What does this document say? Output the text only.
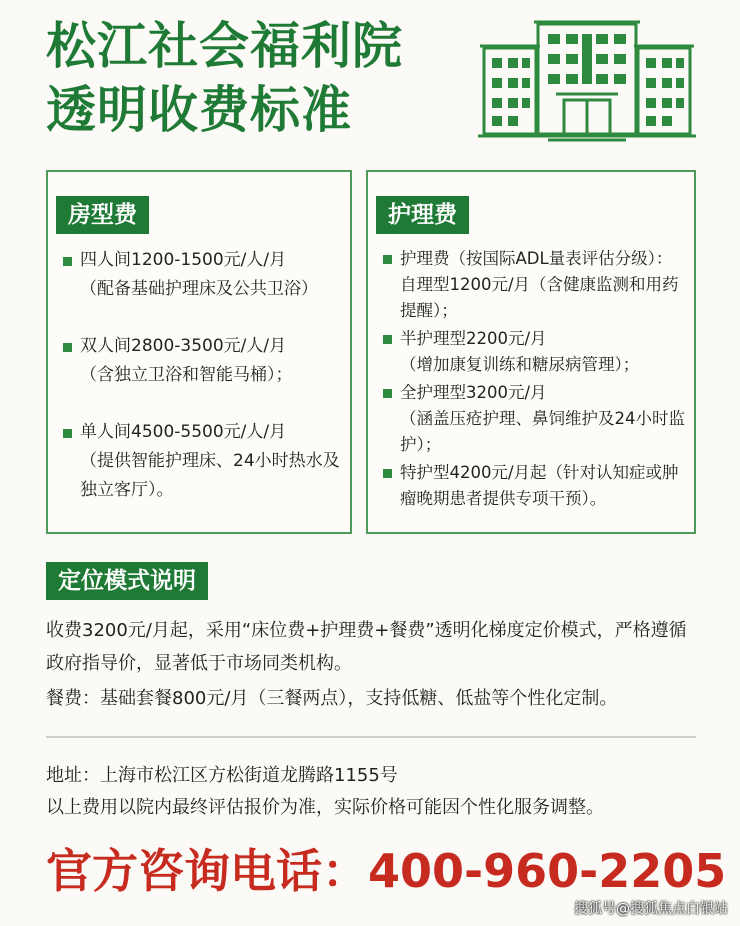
松江社会福利院
透明收费标准
房型费
四人间1200-1500元/人/月
（配备基础护理床及公共卫浴）
双人间2800-3500元/人/月
（含独立卫浴和智能马桶）；
单人间4500-5500元/人/月
（提供智能护理床、24小时热水及独立客厅）。
护理费
护理费（按国际ADL量表评估分级）：
自理型1200元/月（含健康监测和用药提醒）；
半护理型2200元/月
（增加康复训练和糖尿病管理）；
全护理型3200元/月
（涵盖压疮护理、鼻饲维护及24小时监护）；
特护型4200元/月起（针对认知症或肿瘤晚期患者提供专项干预）。
定位模式说明
收费3200元/月起，采用“床位费+护理费+餐费”透明化梯度定价模式，严格遵循政府指导价，显著低于市场同类机构。
餐费：基础套餐800元/月（三餐两点），支持低糖、低盐等个性化定制。
地址：上海市松江区方松街道龙腾路1155号
以上费用以院内最终评估报价为准，实际价格可能因个性化服务调整。
官方咨询电话：400-960-2205
搜狐号@搜狐焦点白银站
